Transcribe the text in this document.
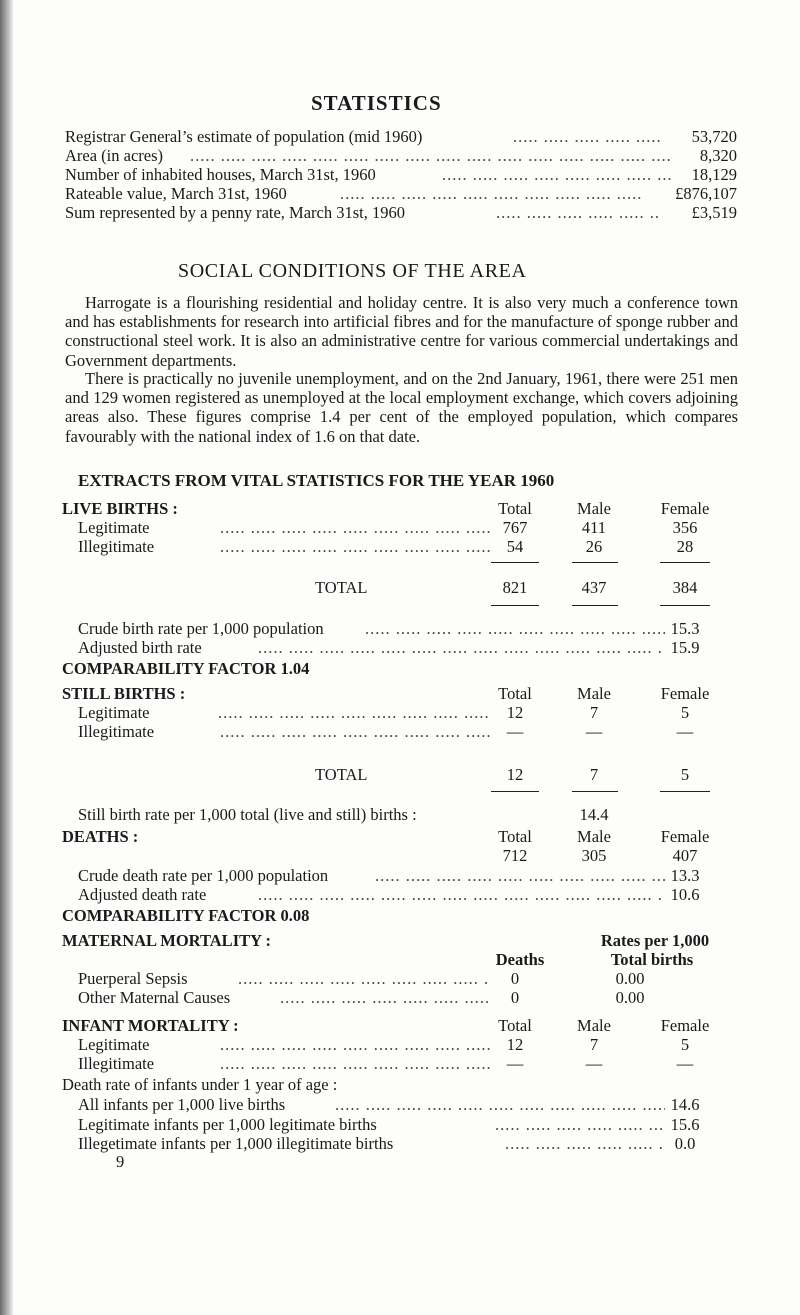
STATISTICS
Registrar General’s estimate of population (mid 1960) .....	53,720
Area (in acres) .....	8,320
Number of inhabited houses, March 31st, 1960 .....	18,129
Rateable value, March 31st, 1960 .....	£876,107
Sum represented by a penny rate, March 31st, 1960 .....	£3,519
SOCIAL CONDITIONS OF THE AREA
Harrogate is a flourishing residential and holiday centre. It is also very much a conference town and has establishments for research into artificial fibres and for the manufacture of sponge rubber and constructional steel work. It is also an administrative centre for various commercial undertakings and Government departments.
There is practically no juvenile unemployment, and on the 2nd January, 1961, there were 251 men and 129 women registered as unemployed at the local employment exchange, which covers adjoining areas also. These figures comprise 1.4 per cent of the employed population, which compares favourably with the national index of 1.6 on that date.
EXTRACTS FROM VITAL STATISTICS FOR THE YEAR 1960
LIVE BIRTHS :	Total	Male	Female
Legitimate .....	767	411	356
Illegitimate .....	54	26	28
TOTAL	821	437	384
Crude birth rate per 1,000 population .....	15.3
Adjusted birth rate .....	15.9
COMPARABILITY FACTOR 1.04
STILL BIRTHS :	Total	Male	Female
Legitimate .....	12	7	5
Illegitimate .....	—	—	—
TOTAL	12	7	5
Still birth rate per 1,000 total (live and still) births :	14.4
DEATHS :	Total	Male	Female
712	305	407
Crude death rate per 1,000 population .....	13.3
Adjusted death rate .....	10.6
COMPARABILITY FACTOR 0.08
MATERNAL MORTALITY :	Rates per 1,000
Deaths	Total births
Puerperal Sepsis .....	0	0.00
Other Maternal Causes .....	0	0.00
INFANT MORTALITY :	Total	Male	Female
Legitimate .....	12	7	5
Illegitimate .....	—	—	—
Death rate of infants under 1 year of age :
All infants per 1,000 live births .....	14.6
Legitimate infants per 1,000 legitimate births .....	15.6
Illegetimate infants per 1,000 illegitimate births .....	0.0
9
